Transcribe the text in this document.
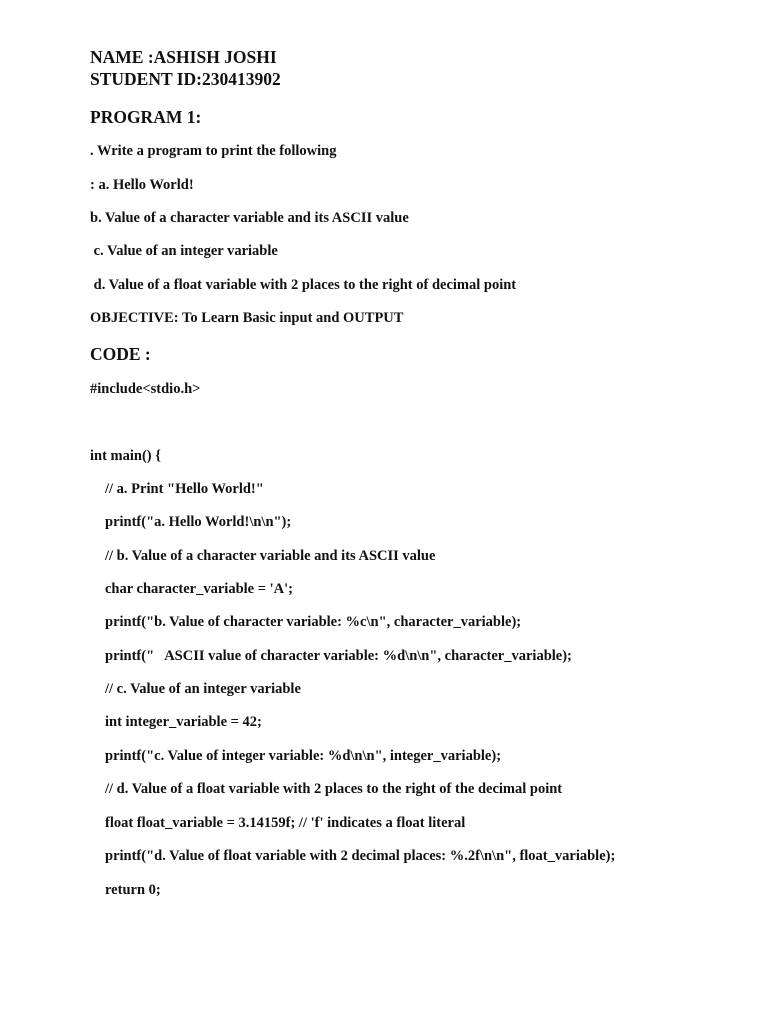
NAME :ASHISH JOSHI
STUDENT ID:230413902
PROGRAM 1:
. Write a program to print the following
: a. Hello World!
b. Value of a character variable and its ASCII value
c. Value of an integer variable
d. Value of a float variable with 2 places to the right of decimal point
OBJECTIVE: To Learn Basic input and OUTPUT
CODE :
#include<stdio.h>
int main() {
// a. Print "Hello World!"
printf("a. Hello World!\n\n");
// b. Value of a character variable and its ASCII value
char character_variable = 'A';
printf("b. Value of character variable: %c\n", character_variable);
printf("   ASCII value of character variable: %d\n\n", character_variable);
// c. Value of an integer variable
int integer_variable = 42;
printf("c. Value of integer variable: %d\n\n", integer_variable);
// d. Value of a float variable with 2 places to the right of the decimal point
float float_variable = 3.14159f; // 'f' indicates a float literal
printf("d. Value of float variable with 2 decimal places: %.2f\n\n", float_variable);
return 0;
